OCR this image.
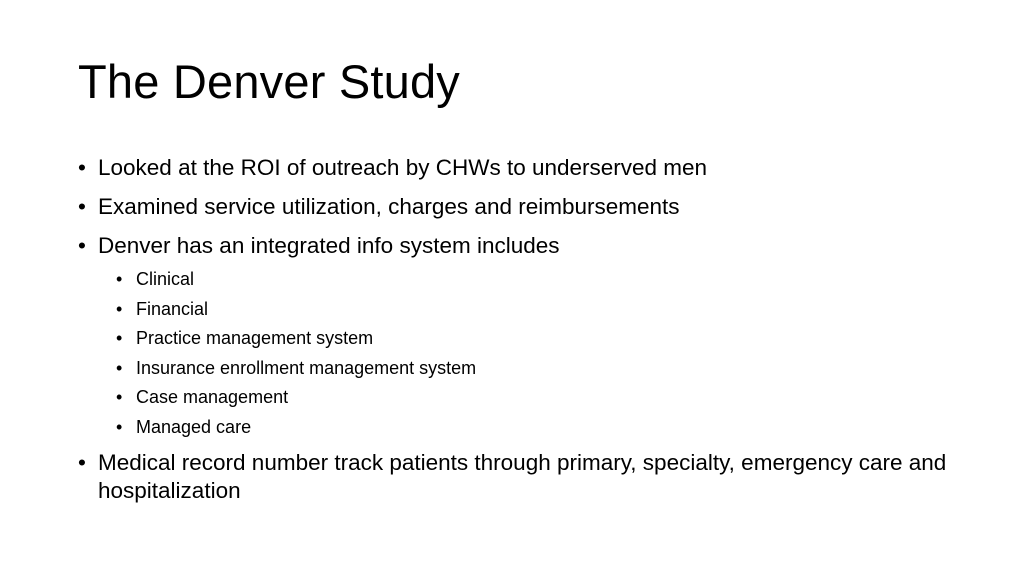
The Denver Study
• Looked at the ROI of outreach by CHWs to underserved men
• Examined service utilization, charges and reimbursements
• Denver has an integrated info system includes
• Clinical
• Financial
• Practice management system
• Insurance enrollment management system
• Case management
• Managed care
• Medical record number track patients through primary, specialty, emergency care and hospitalization
